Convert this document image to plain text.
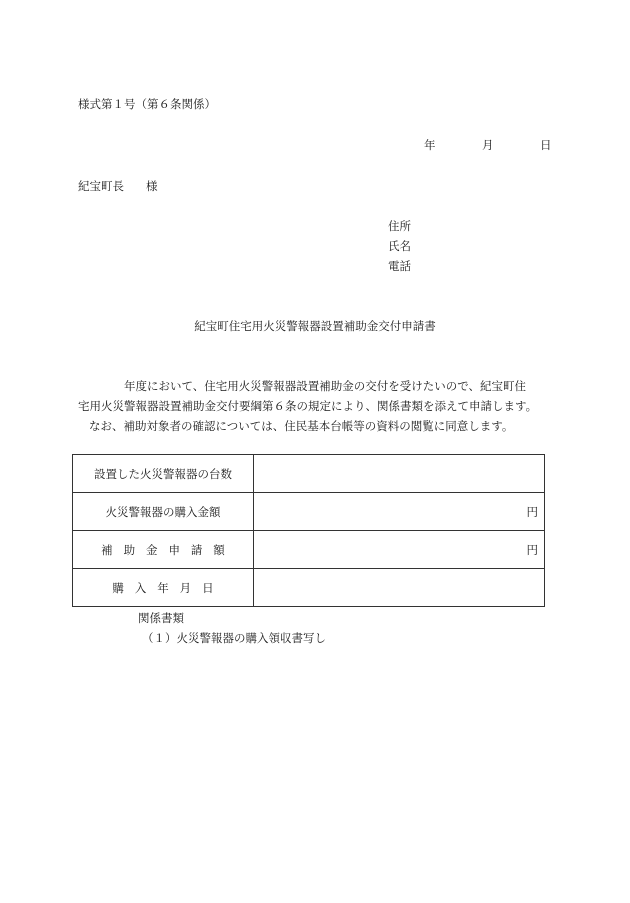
様式第１号（第６条関係）
年	月	日
紀宝町長 様
住所
氏名
電話
紀宝町住宅用火災警報器設置補助金交付申請書

年度において、住宅用火災警報器設置補助金の交付を受けたいので、紀宝町住

宅用火災警報器設置補助金交付要綱第６条の規定により、関係書類を添えて申請します。

なお、補助対象者の確認については、住民基本台帳等の資料の閲覧に同意します。

設置した火災警報器の台数	
火災警報器の購入金額	円
補助金申請額	円
購入年月日	
関係書類
（１）火災警報器の購入領収書写し
